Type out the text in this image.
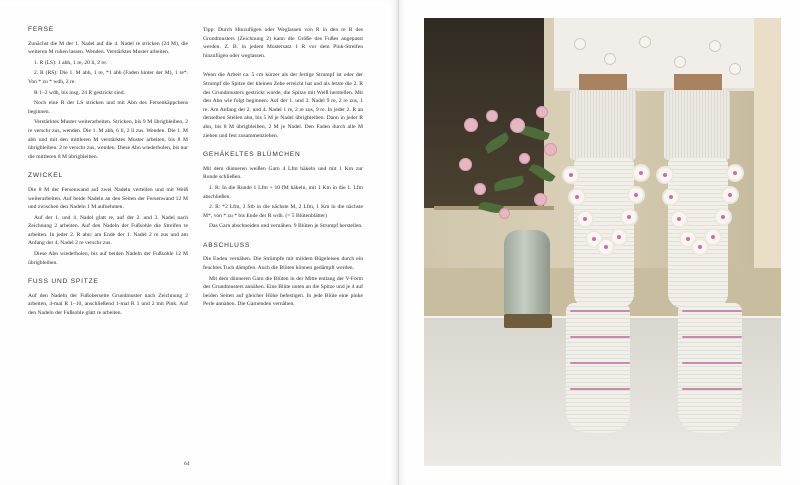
FERSE

Zunächst die M der 1. Nadel auf die 4. Nadel re stricken (24 M), die weiteren M ruhen lassen. Wenden. Verstärktes Muster arbeiten.

1. R (LS): 1 abh, 1 re, 20 li, 2 re.

2. R (RS): Die 1. M abh, 1 re, *1 abh (Faden hinter der M), 1 re*. Von * zu * wdh, 2 re.

R 1–2 wdh, bis insg. 24 R gestrickt sind.

Noch eine R der LS stricken und mit Abn des Fersenkäppchens beginnen.

Verstärktes Muster weiterarbeiten. Stricken, bis 9 M übrigbleiben, 2 re verschr zus, wenden. Die 1. M abh, 6 li, 2 li zus. Wenden. Die 1. M abh und mit den mittleren M verstärktes Muster arbeiten, bis 8 M übrigbleiben. 2 re verschr zus, wenden. Diese Abn wiederholen, bis nur die mittleren 8 M übrigbleiben.

ZWICKEL

Die 8 M der Fersenwand auf zwei Nadeln verteilen und mit Weiß weiterarbeiten. Auf beide Nadeln an den Seiten der Fersenwand 12 M und zwischen den Nadeln 1 M aufnehmen.

Auf der 1. und 4. Nadel glatt re, auf der 2. und 3. Nadel nach Zeichnung 2 arbeiten. Auf den Nadeln der Fußsohle die Streifen re arbeiten. In jeder 2. R abn: am Ende der 1. Nadel 2 re zus und am Anfang der 4. Nadel 2 re verschr zus.

Diese Abn wiederholen, bis auf beiden Nadeln der Fußsohle 12 M übrigbleiben.

FUSS UND SPITZE

Auf den Nadeln der Fußoberseite Grundmuster nach Zeichnung 2 arbeiten, 4-mal R 1–10, anschließend 1-mal R 1 und 2 mit Pink. Auf den Nadeln der Fußsohle glatt re arbeiten.

Tipp: Durch Hinzufügen oder Weglassen von R in den re R des Grundmusters (Zeichnung 2) kann die Größe des Fußes angepasst werden. Z. B. in jedem Mustersatz 1 R vor dem Pink-Streifen hinzufügen oder weglassen.

Wenn die Arbeit ca. 5 cm kürzer als der fertige Strumpf ist oder der Strumpf die Spitze der kleinen Zehe erreicht hat und als letzte die 2. R des Grundmusters gestrickt wurde, die Spitze mit Weiß herstellen. Mit den Abn wie folgt beginnen: Auf der 1. und 3. Nadel 9 re, 2 re zus, 1 re. Am Anfang der 2. und 4. Nadel 1 re, 2 re zus, 9 re. In jeder 2. R an denselben Stellen abn, bis 5 M je Nadel übrigbleiben. Dann in jeder R abn, bis 8 M übrigbleiben, 2 M je Nadel. Den Faden durch alle M ziehen und fest zusammenziehen.

GEHÄKELTES BLÜMCHEN

Mit dem dünneren weißen Garn 4 Lfm häkeln und mit 1 Km zur Runde schließen.

1. R: In die Runde 1 Lfm + 10 fM häkeln, mit 1 Km in die 1. Lfm abschließen.

2. R: *2 Lfm, 3 Stb in die nächste M, 2 Lfm, 1 Km in die nächste M*, von * zu * bis Ende der R wdh. (= 5 Blütenblätter)

Das Garn abschneiden und vernähen. 9 Blüten je Strumpf herstellen.

ABSCHLUSS

Die Enden vernähen. Die Strümpfe mit mildem Bügeleisen durch ein feuchtes Tuch dämpfen. Auch die Blüten können gedämpft werden.

Mit dem dünneren Garn die Blüten in der Mitte entlang der V-Form des Grundmusters annähen. Eine Blüte unten an die Spitze und je 4 auf beiden Seiten auf gleicher Höhe befestigen. In jede Blüte eine pinke Perle annähen. Die Garnenden vernähen.

64
